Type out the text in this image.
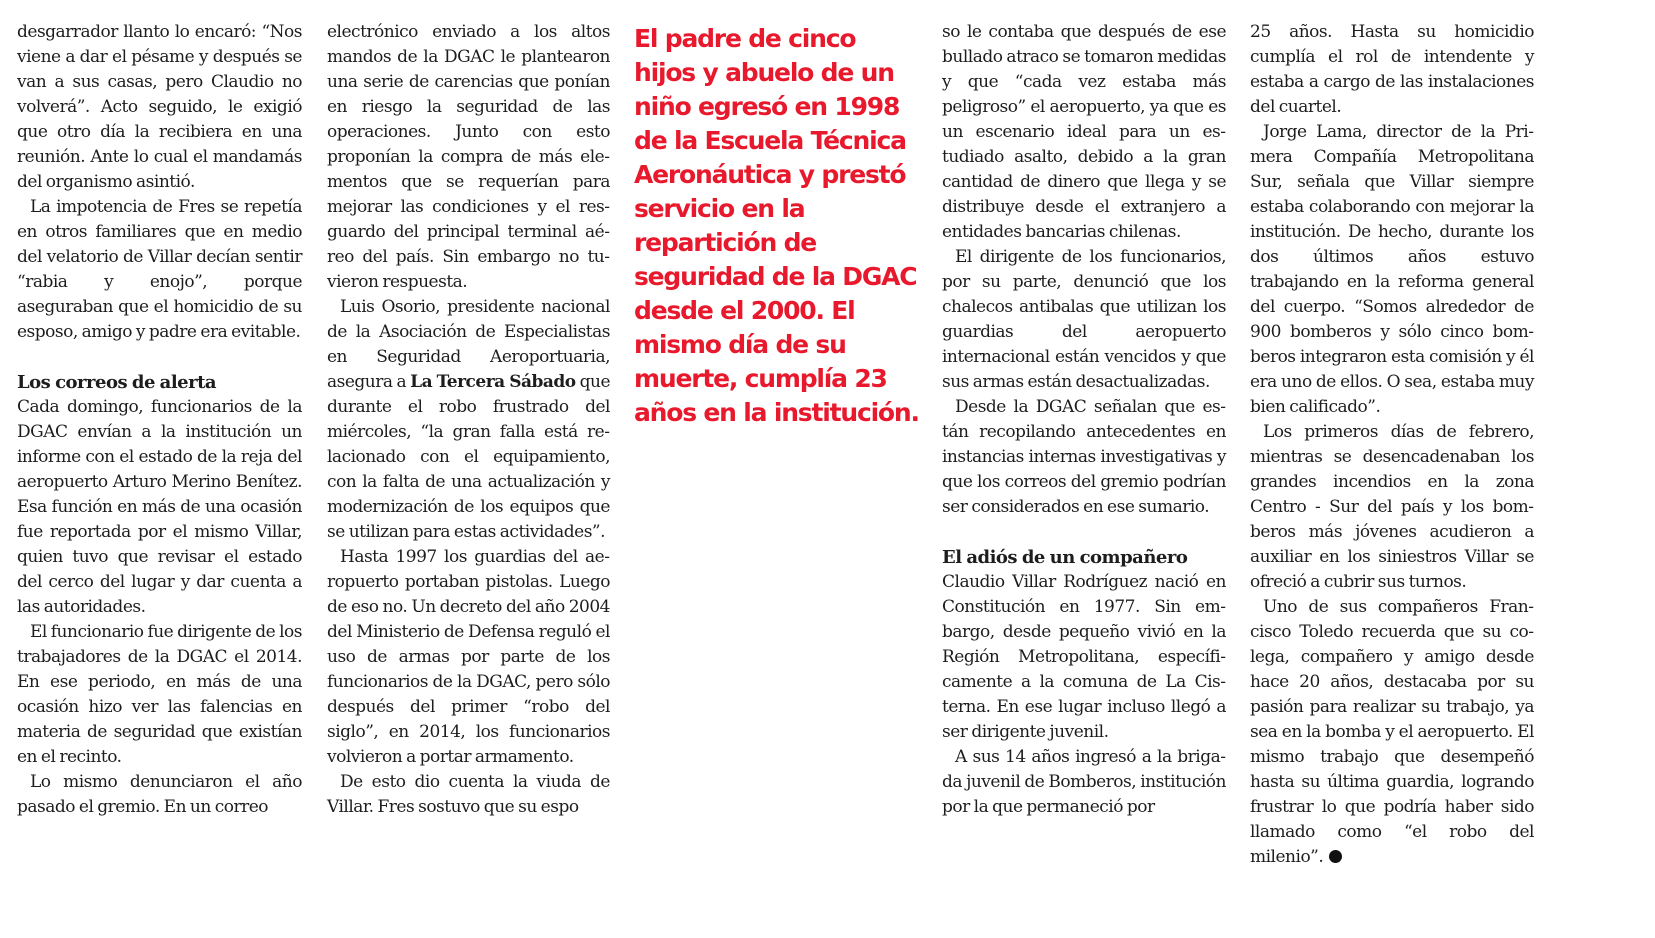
desgarrador llanto lo encaró: “Nos viene a dar el pésame y después se van a sus casas, pero Claudio no volverá”. Acto seguido, le exigió que otro día la recibiera en una reunión. Ante lo cual el mandamás del organismo asintió.

La impotencia de Fres se repetía en otros familiares que en medio del velatorio de Villar decían sentir “rabia y enojo”, porque aseguraban que el homicidio de su esposo, amigo y padre era evitable.

Los correos de alerta

Cada domingo, funcionarios de la DGAC envían a la institución un informe con el estado de la reja del aeropuerto Arturo Merino Benítez. Esa función en más de una ocasión fue reportada por el mismo Villar, quien tuvo que revisar el estado del cerco del lugar y dar cuenta a las autoridades.

El funcionario fue dirigente de los trabajadores de la DGAC el 2014. En ese periodo, en más de una ocasión hizo ver las falencias en materia de seguridad que existían en el recinto.

Lo mismo denunciaron el año pasado el gremio. En un correo

electrónico enviado a los altos mandos de la DGAC le plantearon una serie de carencias que ponían en riesgo la seguridad de las operaciones. Junto con esto proponían la compra de más elementos que se requerían para mejorar las condiciones y el resguardo del principal terminal aéreo del país. Sin embargo no tuvieron respuesta.

Luis Osorio, presidente nacional de la Asociación de Especialistas en Seguridad Aeroportuaria, asegura a La Tercera Sábado que durante el robo frustrado del miércoles, “la gran falla está relacionado con el equipamiento, con la falta de una actualización y modernización de los equipos que se utilizan para estas actividades”.

Hasta 1997 los guardias del aeropuerto portaban pistolas. Luego de eso no. Un decreto del año 2004 del Ministerio de Defensa reguló el uso de armas por parte de los funcionarios de la DGAC, pero sólo después del primer “robo del siglo”, en 2014, los funcionarios volvieron a portar armamento.

De esto dio cuenta la viuda de Villar. Fres sostuvo que su espo

El padre de cinco hijos y abuelo de un niño egresó en 1998 de la Escuela Técnica Aeronáutica y prestó servicio en la repartición de seguridad de la DGAC desde el 2000. El mismo día de su muerte, cumplía 23 años en la institución.

so le contaba que después de ese bullado atraco se tomaron medidas y que “cada vez estaba más peligroso” el aeropuerto, ya que es un escenario ideal para un estudiado asalto, debido a la gran cantidad de dinero que llega y se distribuye desde el extranjero a entidades bancarias chilenas.

El dirigente de los funcionarios, por su parte, denunció que los chalecos antibalas que utilizan los guardias del aeropuerto internacional están vencidos y que sus armas están desactualizadas.

Desde la DGAC señalan que están recopilando antecedentes en instancias internas investigativas y que los correos del gremio podrían ser considerados en ese sumario.

El adiós de un compañero

Claudio Villar Rodríguez nació en Constitución en 1977. Sin embargo, desde pequeño vivió en la Región Metropolitana, específicamente a la comuna de La Cisterna. En ese lugar incluso llegó a ser dirigente juvenil.

A sus 14 años ingresó a la brigada juvenil de Bomberos, institución por la que permaneció por

25 años. Hasta su homicidio cumplía el rol de intendente y estaba a cargo de las instalaciones del cuartel.

Jorge Lama, director de la Primera Compañía Metropolitana Sur, señala que Villar siempre estaba colaborando con mejorar la institución. De hecho, durante los dos últimos años estuvo trabajando en la reforma general del cuerpo. “Somos alrededor de 900 bomberos y sólo cinco bomberos integraron esta comisión y él era uno de ellos. O sea, estaba muy bien calificado”.

Los primeros días de febrero, mientras se desencadenaban los grandes incendios en la zona Centro - Sur del país y los bomberos más jóvenes acudieron a auxiliar en los siniestros Villar se ofreció a cubrir sus turnos.

Uno de sus compañeros Francisco Toledo recuerda que su colega, compañero y amigo desde hace 20 años, destacaba por su pasión para realizar su trabajo, ya sea en la bomba y el aeropuerto. El mismo trabajo que desempeñó hasta su última guardia, logrando frustrar lo que podría haber sido llamado como “el robo del milenio”.
